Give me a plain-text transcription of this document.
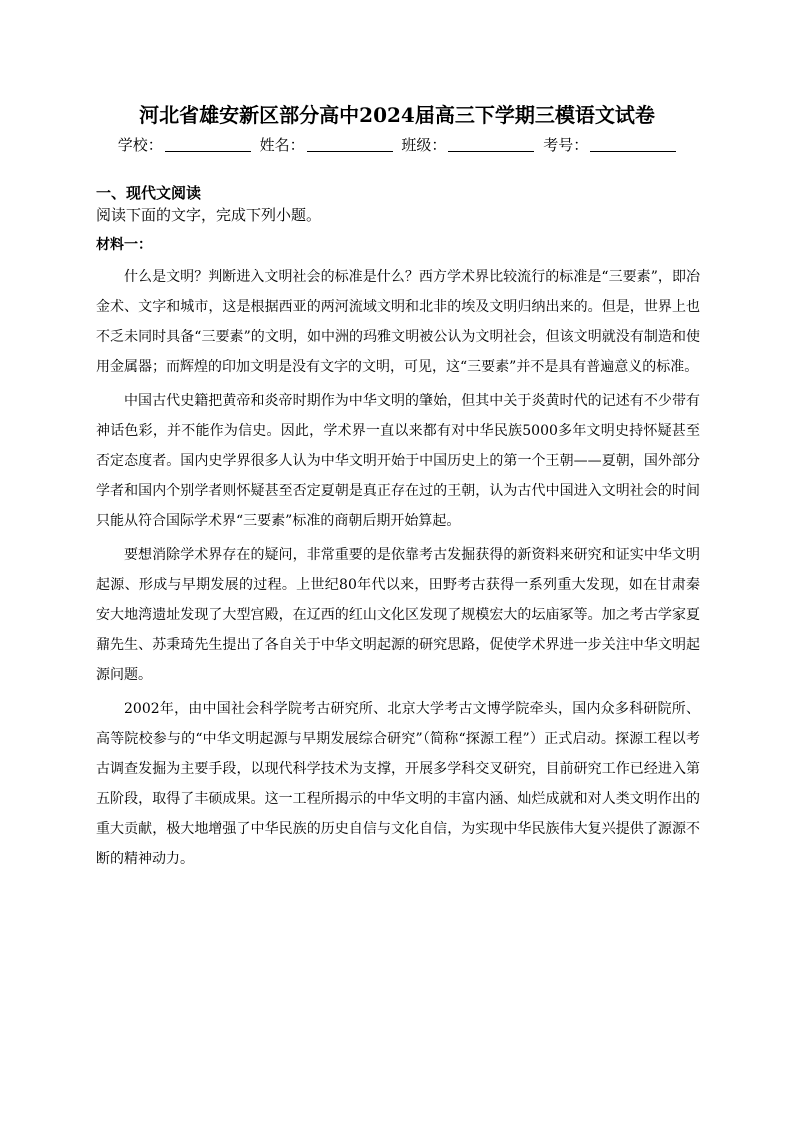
河北省雄安新区部分高中2024届高三下学期三模语文试卷
学校：	姓名：	班级：	考号：
一、现代文阅读
阅读下面的文字，完成下列小题。
材料一：

什么是文明？判断进入文明社会的标准是什么？西方学术界比较流行的标准是“三要素”，即冶金术、文字和城市，这是根据西亚的两河流域文明和北非的埃及文明归纳出来的。但是，世界上也不乏未同时具备“三要素”的文明，如中洲的玛雅文明被公认为文明社会，但该文明就没有制造和使用金属器；而辉煌的印加文明是没有文字的文明，可见，这“三要素”并不是具有普遍意义的标准。

中国古代史籍把黄帝和炎帝时期作为中华文明的肇始，但其中关于炎黄时代的记述有不少带有神话色彩，并不能作为信史。因此，学术界一直以来都有对中华民族5000多年文明史持怀疑甚至否定态度者。国内史学界很多人认为中华文明开始于中国历史上的第一个王朝——夏朝，国外部分学者和国内个别学者则怀疑甚至否定夏朝是真正存在过的王朝，认为古代中国进入文明社会的时间只能从符合国际学术界“三要素”标准的商朝后期开始算起。

要想消除学术界存在的疑问，非常重要的是依靠考古发掘获得的新资料来研究和证实中华文明起源、形成与早期发展的过程。上世纪80年代以来，田野考古获得一系列重大发现，如在甘肃秦安大地湾遗址发现了大型宫殿，在辽西的红山文化区发现了规模宏大的坛庙冢等。加之考古学家夏鼐先生、苏秉琦先生提出了各自关于中华文明起源的研究思路，促使学术界进一步关注中华文明起源问题。

2002年，由中国社会科学院考古研究所、北京大学考古文博学院牵头，国内众多科研院所、高等院校参与的“中华文明起源与早期发展综合研究”（简称“探源工程”）正式启动。探源工程以考古调查发掘为主要手段，以现代科学技术为支撑，开展多学科交叉研究，目前研究工作已经进入第五阶段，取得了丰硕成果。这一工程所揭示的中华文明的丰富内涵、灿烂成就和对人类文明作出的重大贡献，极大地增强了中华民族的历史自信与文化自信，为实现中华民族伟大复兴提供了源源不断的精神动力。
